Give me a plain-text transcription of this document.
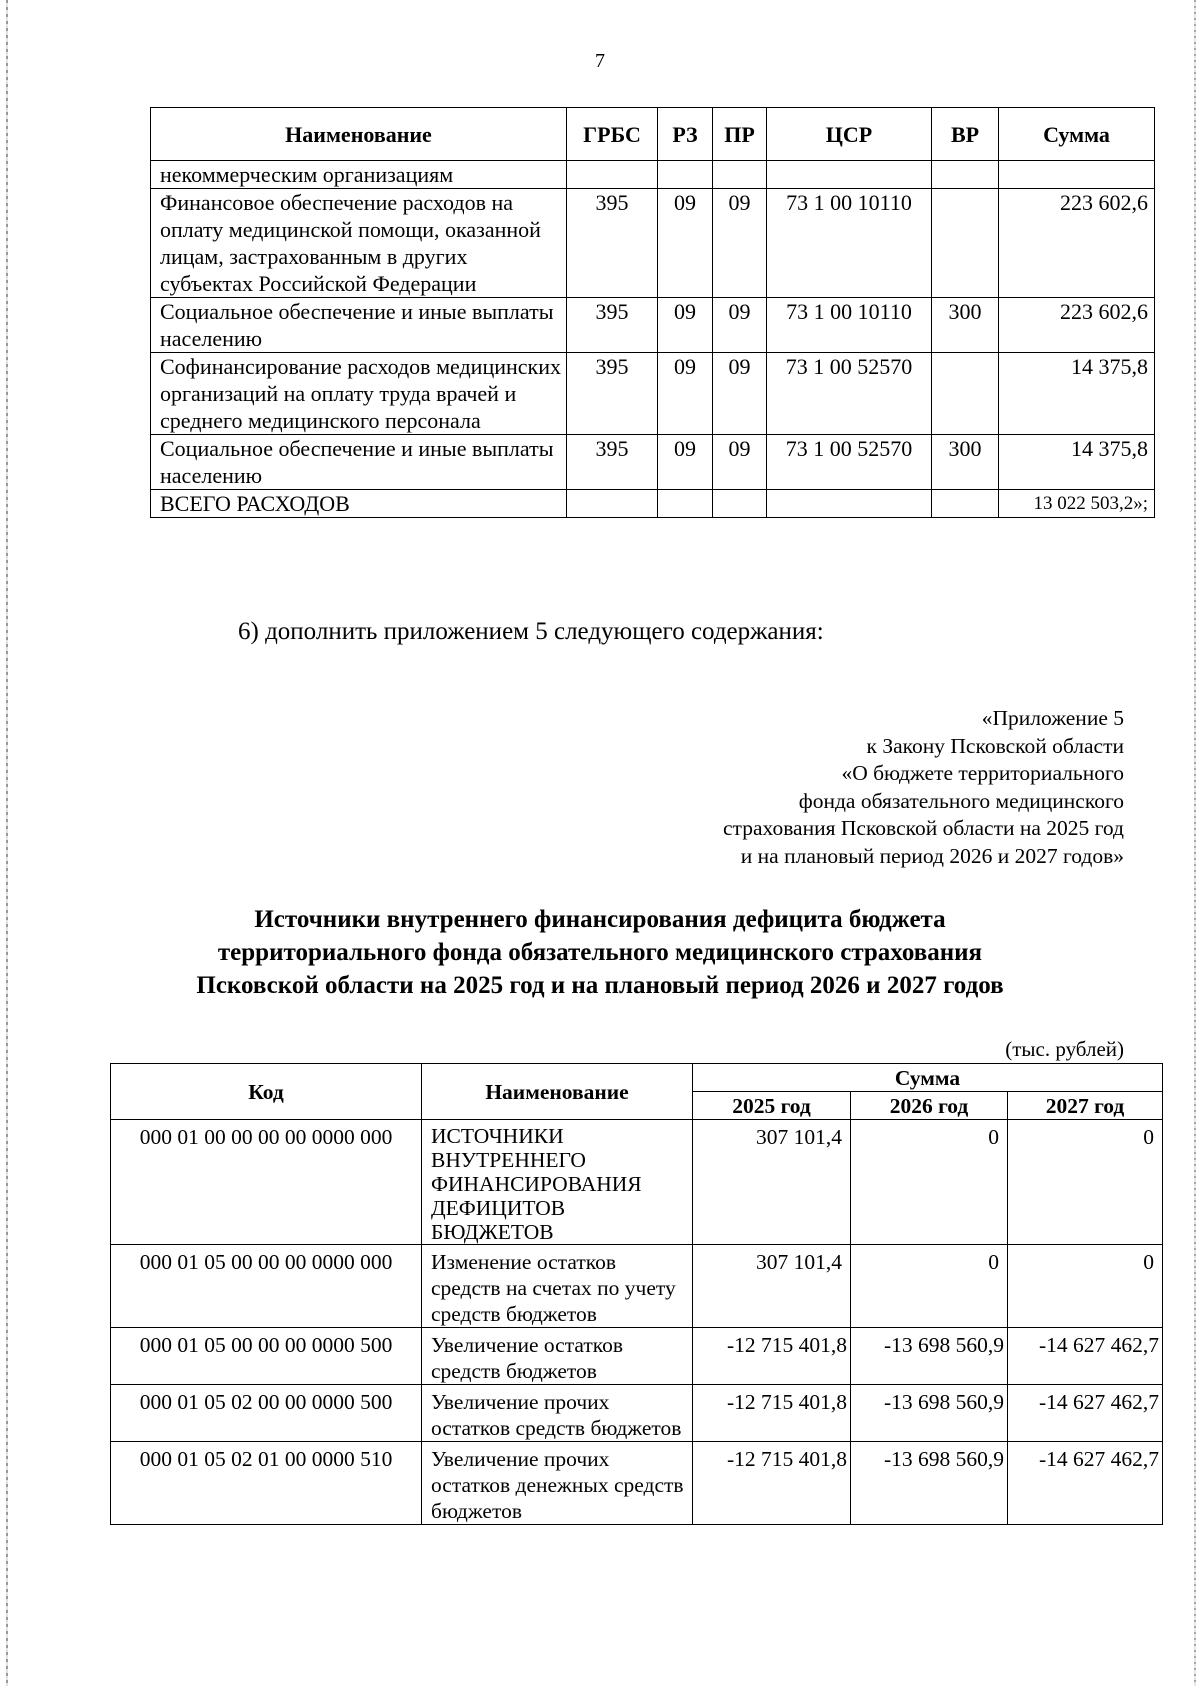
7
Наименование	ГРБС	РЗ	ПР	ЦСР	ВР	Сумма
некоммерческим организациям						
Финансовое обеспечение расходов на оплату медицинской помощи, оказанной лицам, застрахованным в других субъектах Российской Федерации	395	09	09	73 1 00 10110		223 602,6
Социальное обеспечение и иные выплаты населению	395	09	09	73 1 00 10110	300	223 602,6
Софинансирование расходов медицинских организаций на оплату труда врачей и среднего медицинского персонала	395	09	09	73 1 00 52570		14 375,8
Социальное обеспечение и иные выплаты населению	395	09	09	73 1 00 52570	300	14 375,8
ВСЕГО РАСХОДОВ						13 022 503,2»;
6) дополнить приложением 5 следующего содержания:
«Приложение 5
к Закону Псковской области
«О бюджете территориального
фонда обязательного медицинского
страхования Псковской области на 2025 год
и на плановый период 2026 и 2027 годов»
Источники внутреннего финансирования дефицита бюджета
территориального фонда обязательного медицинского страхования
Псковской области на 2025 год и на плановый период 2026 и 2027 годов
(тыс. рублей)
Код	Наименование	Сумма		
		2025 год	2026 год	2027 год
000 01 00 00 00 00 0000 000	ИСТОЧНИКИ ВНУТРЕННЕГО ФИНАНСИРОВАНИЯ ДЕФИЦИТОВ БЮДЖЕТОВ	307 101,4	0	0
000 01 05 00 00 00 0000 000	Изменение остатков средств на счетах по учету средств бюджетов	307 101,4	0	0
000 01 05 00 00 00 0000 500	Увеличение остатков средств бюджетов	-12 715 401,8	-13 698 560,9	-14 627 462,7
000 01 05 02 00 00 0000 500	Увеличение прочих остатков средств бюджетов	-12 715 401,8	-13 698 560,9	-14 627 462,7
000 01 05 02 01 00 0000 510	Увеличение прочих остатков денежных средств бюджетов	-12 715 401,8	-13 698 560,9	-14 627 462,7
